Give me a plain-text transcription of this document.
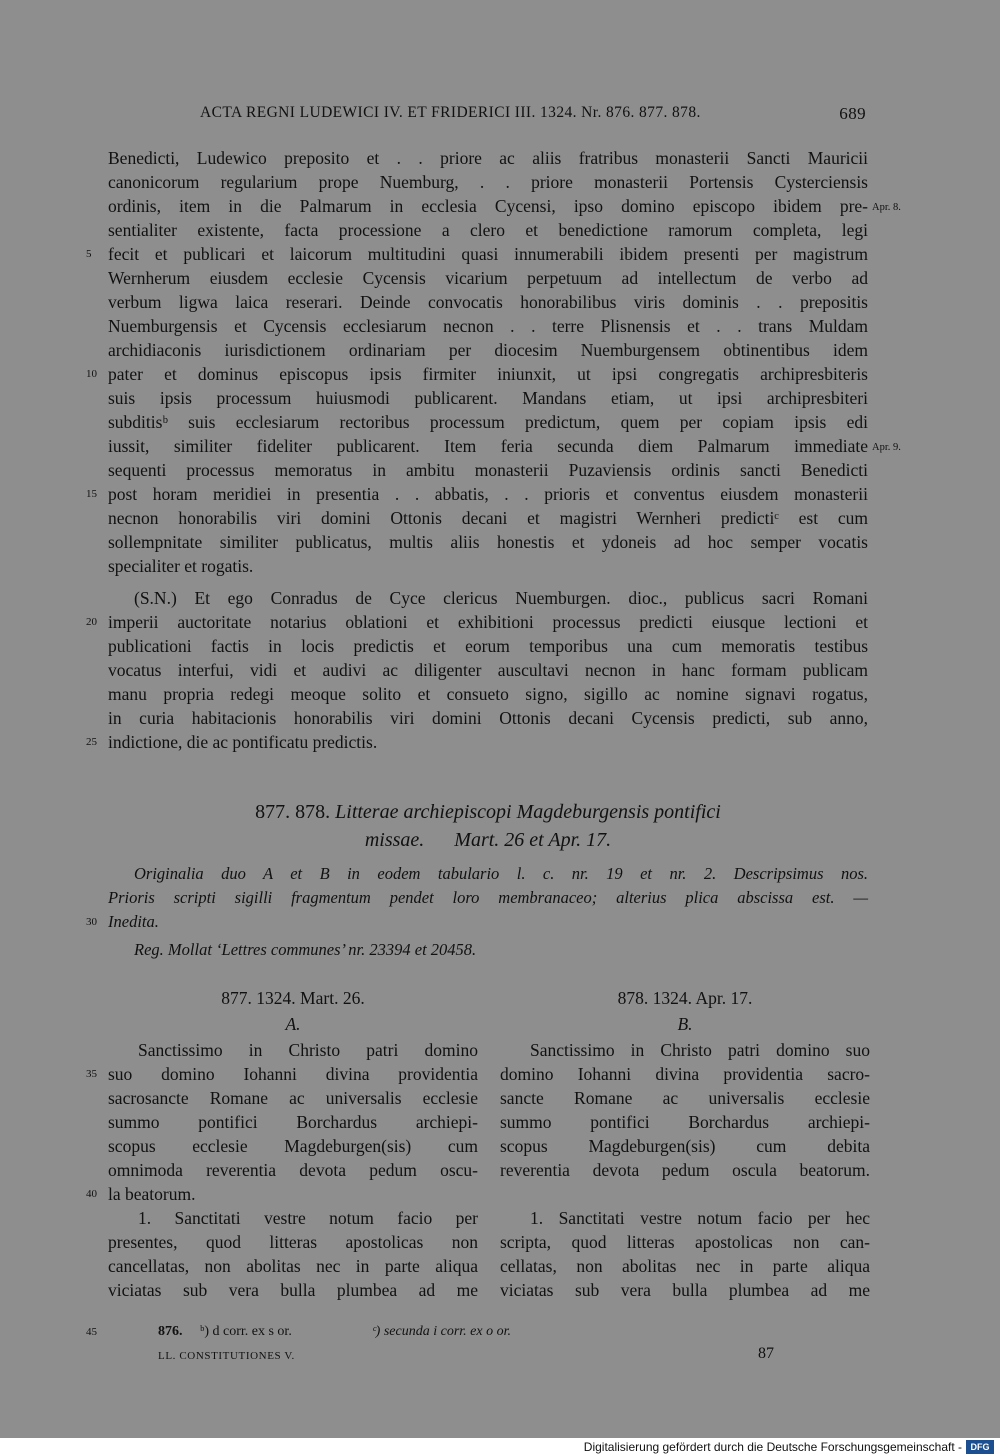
ACTA REGNI LUDEWICI IV. ET FRIDERICI III. 1324. Nr. 876. 877. 878.	689
Benedicti, Ludewico preposito et . . priore ac aliis fratribus monasterii Sancti Mauricii
canonicorum regularium prope Nuemburg, . . priore monasterii Portensis Cysterciensis
ordinis, item in die Palmarum in ecclesia Cycensi, ipso domino episcopo ibidem pre- Apr. 8.
sentialiter existente, facta processione a clero et benedictione ramorum completa, legi
5 fecit et publicari et laicorum multitudini quasi innumerabili ibidem presenti per magistrum
Wernherum eiusdem ecclesie Cycensis vicarium perpetuum ad intellectum de verbo ad
verbum ligwa laica reserari. Deinde convocatis honorabilibus viris dominis . . prepositis
Nuemburgensis et Cycensis ecclesiarum necnon . . terre Plisnensis et . . trans Muldam
archidiaconis iurisdictionem ordinariam per diocesim Nuemburgensem obtinentibus idem
10 pater et dominus episcopus ipsis firmiter iniunxit, ut ipsi congregatis archipresbiteris
suis ipsis processum huiusmodi publicarent. Mandans etiam, ut ipsi archipresbiteri
subditisᵇ suis ecclesiarum rectoribus processum predictum, quem per copiam ipsis edi
iussit, similiter fideliter publicarent. Item feria secunda diem Palmarum immediate Apr. 9.
sequenti processus memoratus in ambitu monasterii Puzaviensis ordinis sancti Benedicti
15 post horam meridiei in presentia . . abbatis, . . prioris et conventus eiusdem monasterii
necnon honorabilis viri domini Ottonis decani et magistri Wernheri predictiᶜ est cum
sollempnitate similiter publicatus, multis aliis honestis et ydoneis ad hoc semper vocatis
specialiter et rogatis.
(S.N.) Et ego Conradus de Cyce clericus Nuemburgen. dioc., publicus sacri Romani
20 imperii auctoritate notarius oblationi et exhibitioni processus predicti eiusque lectioni et
publicationi factis in locis predictis et eorum temporibus una cum memoratis testibus
vocatus interfui, vidi et audivi ac diligenter auscultavi necnon in hanc formam publicam
manu propria redegi meoque solito et consueto signo, sigillo ac nomine signavi rogatus,
in curia habitacionis honorabilis viri domini Ottonis decani Cycensis predicti, sub anno,
25 indictione, die ac pontificatu predictis.
877. 878. Litterae archiepiscopi Magdeburgensis pontifici
missae. Mart. 26 et Apr. 17.
Originalia duo A et B in eodem tabulario l. c. nr. 19 et nr. 2. Descripsimus nos.
Prioris scripti sigilli fragmentum pendet loro membranaceo; alterius plica abscissa est. —
30 Inedita.
Reg. Mollat ‘Lettres communes’ nr. 23394 et 20458.
877. 1324. Mart. 26.
A.
878. 1324. Apr. 17.
B.
Sanctissimo in Christo patri domino
35 suo domino Iohanni divina providentia
sacrosancte Romane ac universalis ecclesie
summo pontifici Borchardus archiepi-
scopus ecclesie Magdeburgen(sis) cum
omnimoda reverentia devota pedum oscu-
40 la beatorum.
1. Sanctitati vestre notum facio per
presentes, quod litteras apostolicas non
cancellatas, non abolitas nec in parte aliqua
viciatas sub vera bulla plumbea ad me
Sanctissimo in Christo patri domino suo
domino Iohanni divina providentia sacro-
sancte Romane ac universalis ecclesie
summo pontifici Borchardus archiepi-
scopus Magdeburgen(sis) cum debita
reverentia devota pedum oscula beatorum.
1. Sanctitati vestre notum facio per hec
scripta, quod litteras apostolicas non can-
cellatas, non abolitas nec in parte aliqua
viciatas sub vera bulla plumbea ad me
45	876. ᵇ) d corr. ex s or.	ᶜ) secunda i corr. ex o or.
LL. CONSTITUTIONES V.	87
Digitalisierung gefördert durch die Deutsche Forschungsgemeinschaft - DFG
